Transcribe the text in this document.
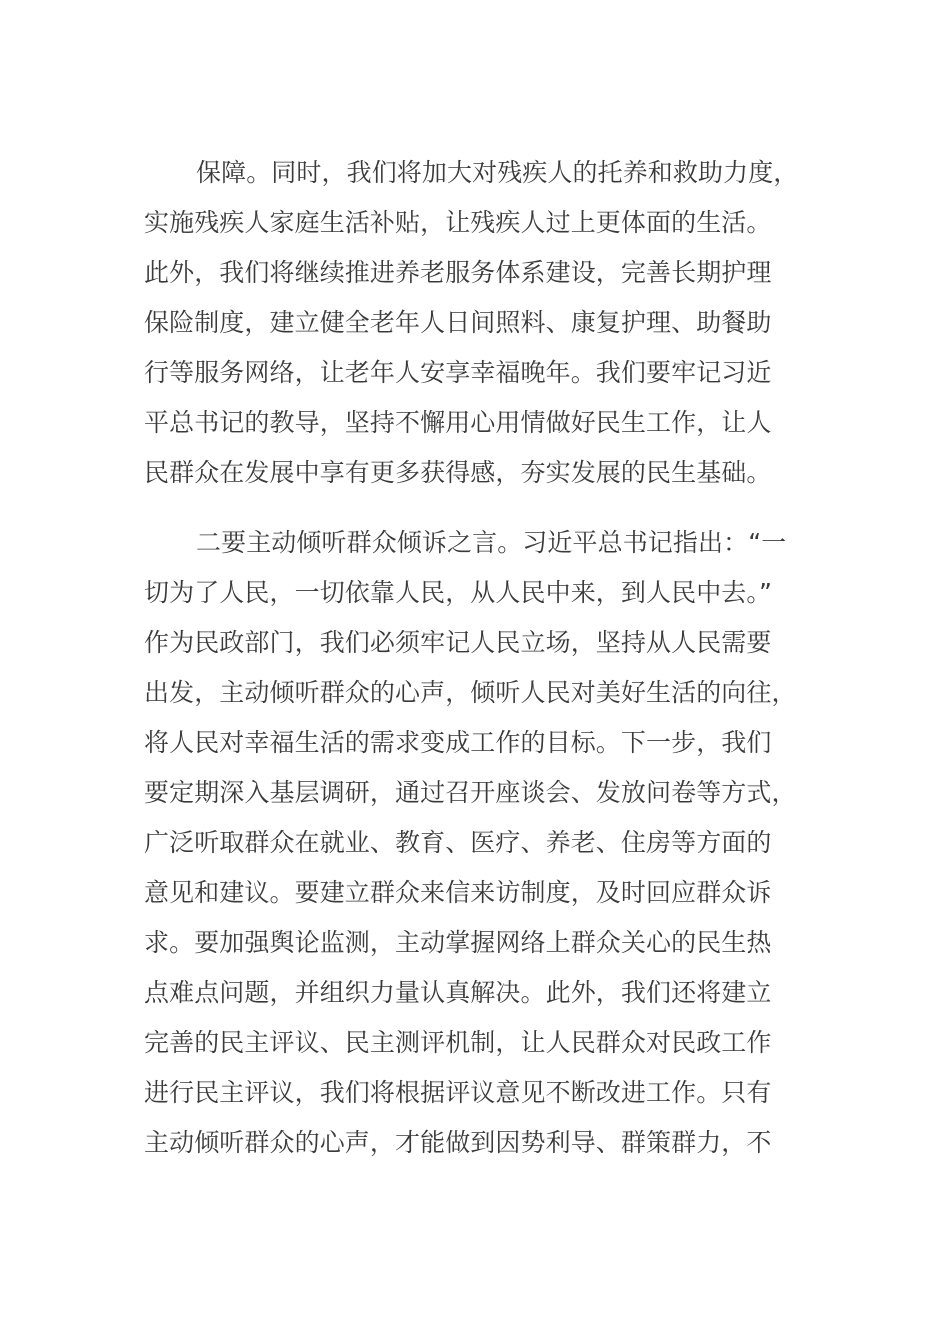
保障。同时，我们将加大对残疾人的托养和救助力度，
实施残疾人家庭生活补贴，让残疾人过上更体面的生活。
此外，我们将继续推进养老服务体系建设，完善长期护理
保险制度，建立健全老年人日间照料、康复护理、助餐助
行等服务网络，让老年人安享幸福晚年。我们要牢记习近
平总书记的教导，坚持不懈用心用情做好民生工作，让人
民群众在发展中享有更多获得感，夯实发展的民生基础。
二要主动倾听群众倾诉之言。习近平总书记指出：“一
切为了人民，一切依靠人民，从人民中来，到人民中去。”
作为民政部门，我们必须牢记人民立场，坚持从人民需要
出发，主动倾听群众的心声，倾听人民对美好生活的向往，
将人民对幸福生活的需求变成工作的目标。下一步，我们
要定期深入基层调研，通过召开座谈会、发放问卷等方式，
广泛听取群众在就业、教育、医疗、养老、住房等方面的
意见和建议。要建立群众来信来访制度，及时回应群众诉
求。要加强舆论监测，主动掌握网络上群众关心的民生热
点难点问题，并组织力量认真解决。此外，我们还将建立
完善的民主评议、民主测评机制，让人民群众对民政工作
进行民主评议，我们将根据评议意见不断改进工作。只有
主动倾听群众的心声，才能做到因势利导、群策群力，不
